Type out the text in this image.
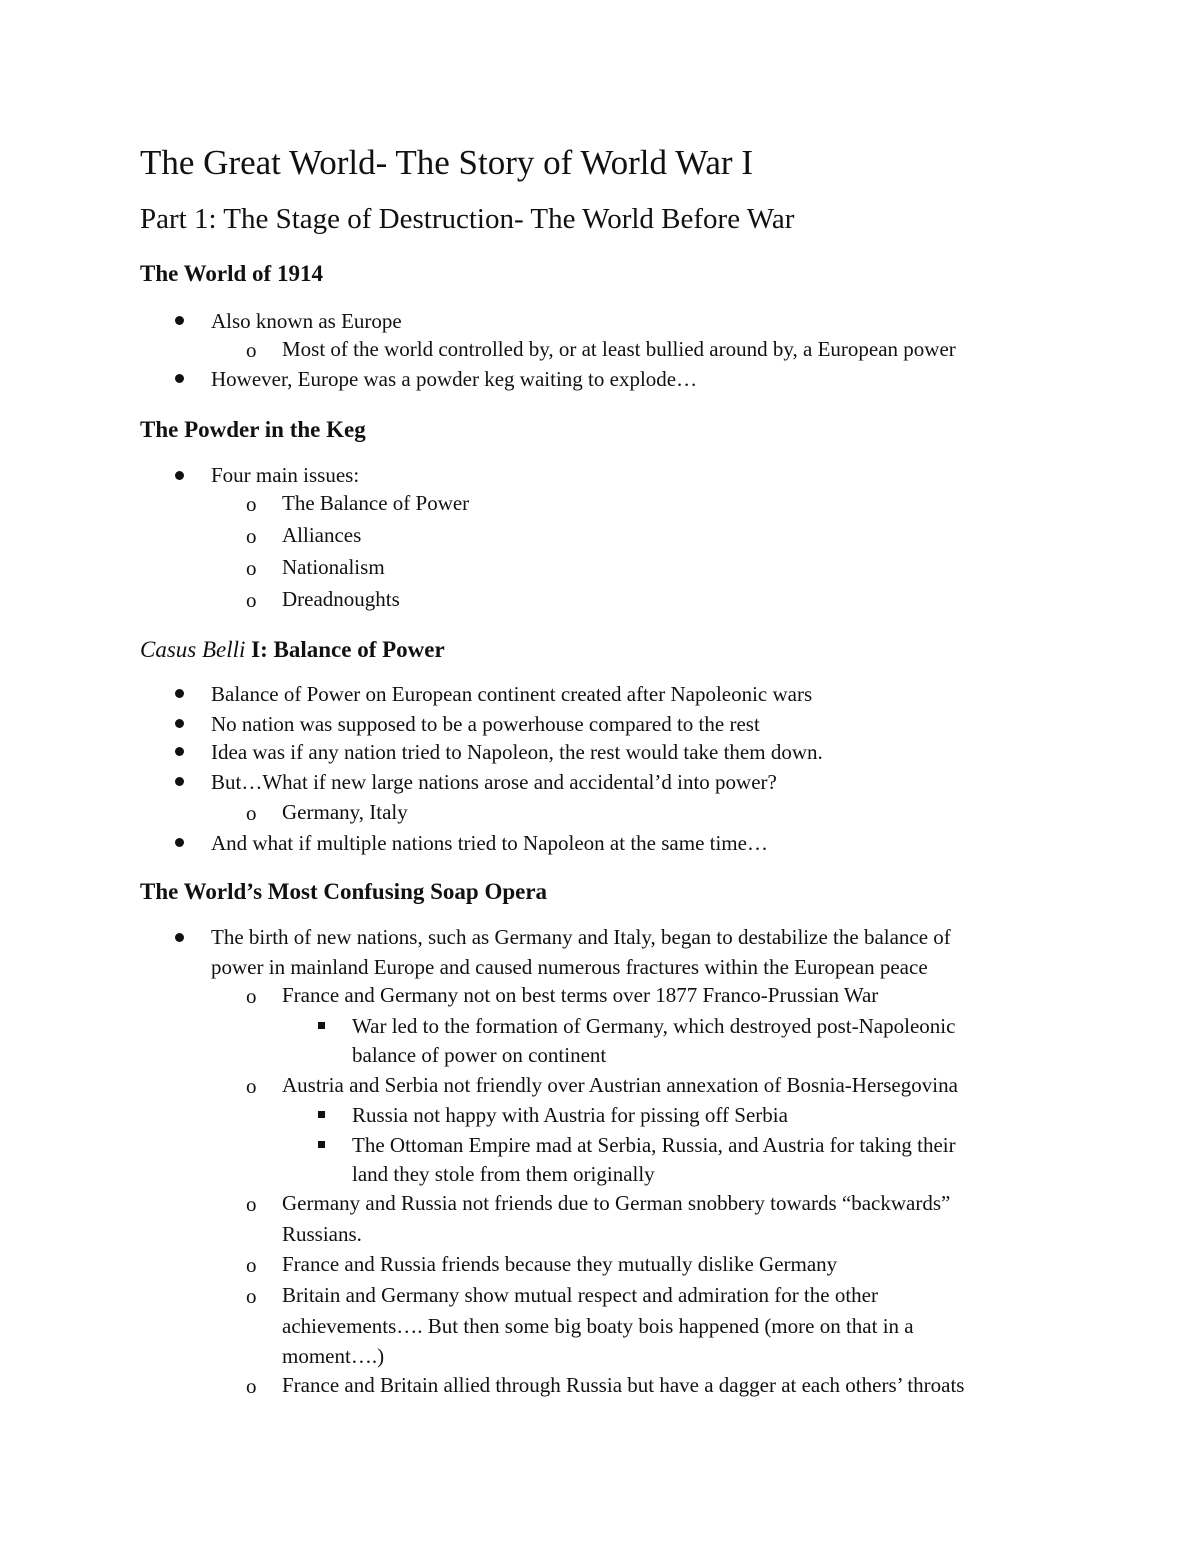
The Great World- The Story of World War I
Part 1: The Stage of Destruction- The World Before War
The World of 1914
Also known as Europe
o Most of the world controlled by, or at least bullied around by, a European power
However, Europe was a powder keg waiting to explode…
The Powder in the Keg
Four main issues:
o The Balance of Power
o Alliances
o Nationalism
o Dreadnoughts
Casus Belli I: Balance of Power
Balance of Power on European continent created after Napoleonic wars
No nation was supposed to be a powerhouse compared to the rest
Idea was if any nation tried to Napoleon, the rest would take them down.
But…What if new large nations arose and accidental’d into power?
o Germany, Italy
And what if multiple nations tried to Napoleon at the same time…
The World’s Most Confusing Soap Opera
The birth of new nations, such as Germany and Italy, began to destabilize the balance of
power in mainland Europe and caused numerous fractures within the European peace
o France and Germany not on best terms over 1877 Franco-Prussian War
War led to the formation of Germany, which destroyed post-Napoleonic
balance of power on continent
o Austria and Serbia not friendly over Austrian annexation of Bosnia-Hersegovina
Russia not happy with Austria for pissing off Serbia
The Ottoman Empire mad at Serbia, Russia, and Austria for taking their
land they stole from them originally
o Germany and Russia not friends due to German snobbery towards “backwards”
Russians.
o France and Russia friends because they mutually dislike Germany
o Britain and Germany show mutual respect and admiration for the other
achievements…. But then some big boaty bois happened (more on that in a
moment….)
o France and Britain allied through Russia but have a dagger at each others’ throats
